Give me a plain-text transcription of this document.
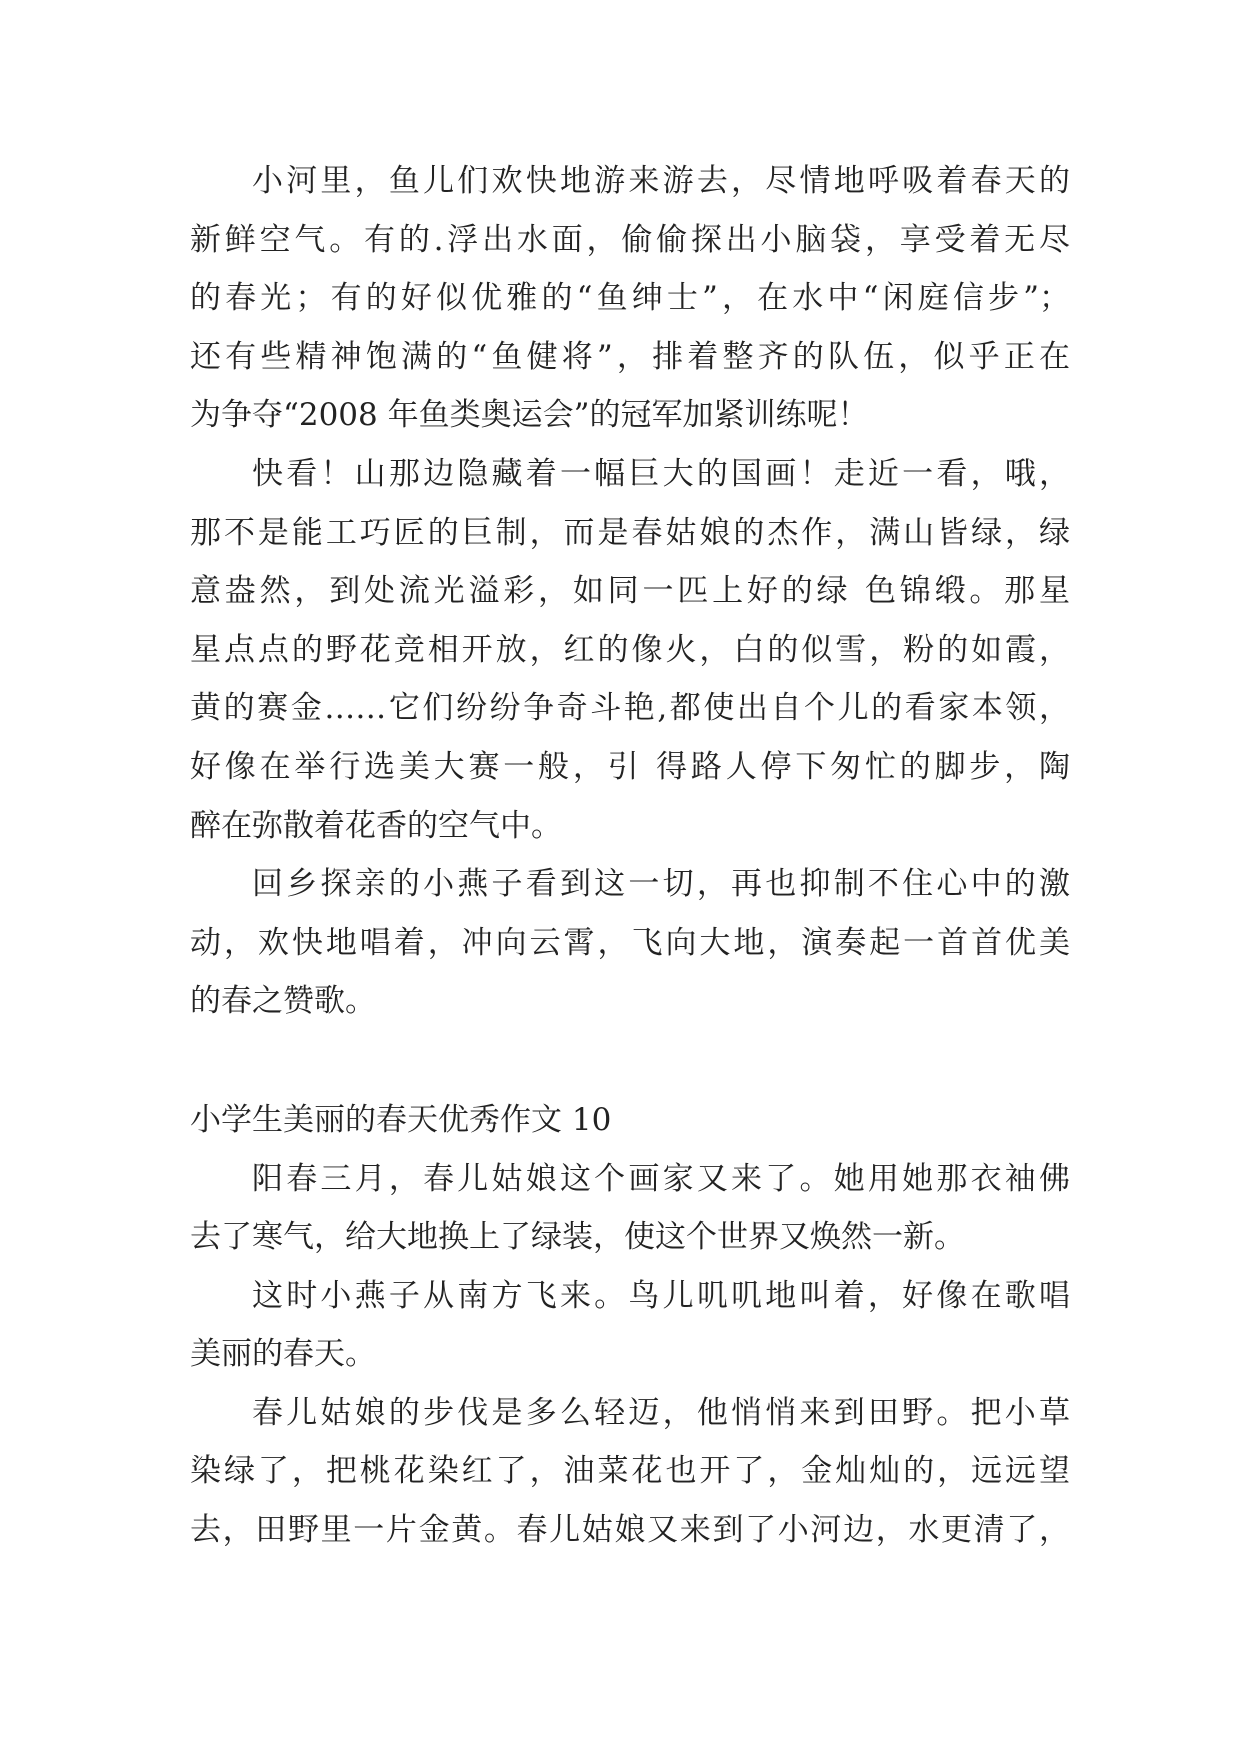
小河里，鱼儿们欢快地游来游去，尽情地呼吸着春天的
新鲜空气。有的.浮出水面，偷偷探出小脑袋，享受着无尽
的春光；有的好似优雅的“鱼绅士”，在水中“闲庭信步”；
还有些精神饱满的“鱼健将”，排着整齐的队伍，似乎正在
为争夺“2008 年鱼类奥运会”的冠军加紧训练呢！
快看！山那边隐藏着一幅巨大的国画！走近一看，哦，
那不是能工巧匠的巨制，而是春姑娘的杰作，满山皆绿，绿
意盎然，到处流光溢彩，如同一匹上好的绿 色锦缎。那星
星点点的野花竞相开放，红的像火，白的似雪，粉的如霞，
黄的赛金……它们纷纷争奇斗艳,都使出自个儿的看家本领，
好像在举行选美大赛一般，引 得路人停下匆忙的脚步，陶
醉在弥散着花香的空气中。
回乡探亲的小燕子看到这一切，再也抑制不住心中的激
动，欢快地唱着，冲向云霄，飞向大地，演奏起一首首优美
的春之赞歌。
小学生美丽的春天优秀作文 10
阳春三月，春儿姑娘这个画家又来了。她用她那衣袖佛
去了寒气，给大地换上了绿装，使这个世界又焕然一新。
这时小燕子从南方飞来。鸟儿叽叽地叫着，好像在歌唱
美丽的春天。
春儿姑娘的步伐是多么轻迈，他悄悄来到田野。把小草
染绿了，把桃花染红了，油菜花也开了，金灿灿的，远远望
去，田野里一片金黄。春儿姑娘又来到了小河边，水更清了，
